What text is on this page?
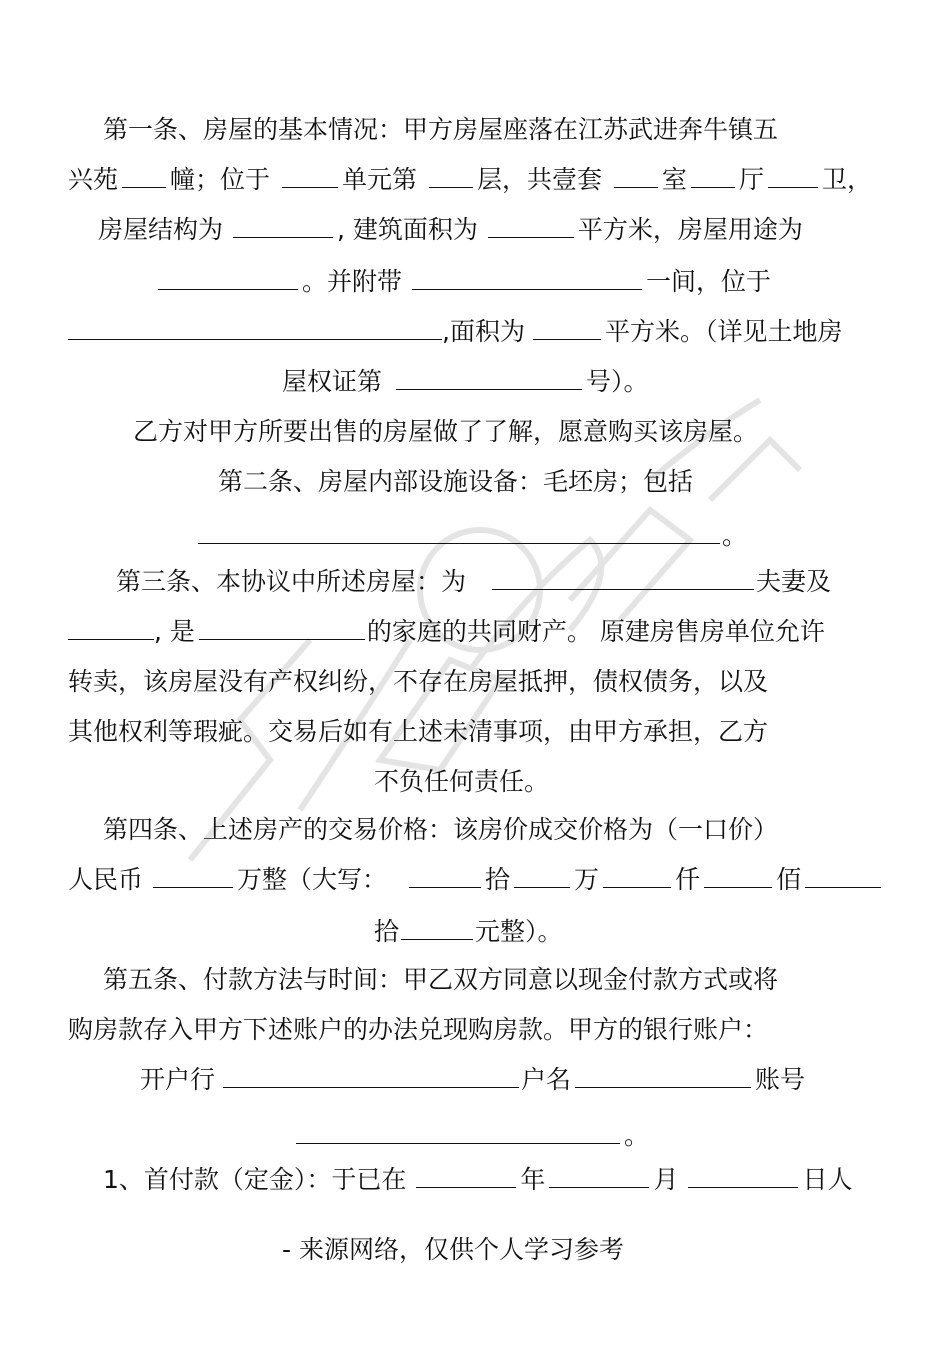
第一条、房屋的基本情况：甲方房屋座落在江苏武进奔牛镇五
兴苑 幢；位于	单元第 层，共壹套 室 厅 卫，
房屋结构为	, 建筑面积为	平方米，房屋用途为
。并附带	一间，位于
,面积为	平方米。（详见土地房
屋权证第	号）。
乙方对甲方所要出售的房屋做了了解，愿意购买该房屋。
第二条、房屋内部设施设备：毛坯房；包括
。
第三条、本协议中所述房屋：为	夫妻及
, 是	的家庭的共同财产。 原建房售房单位允许
转卖，该房屋没有产权纠纷，不存在房屋抵押，债权债务，以及
其他权利等瑕疵。交易后如有上述未清事项，由甲方承担，乙方
不负任何责任。
第四条、上述房产的交易价格：该房价成交价格为（一口价）
人民币	万整（大写：	拾	万	仟	佰
拾	元整）。
第五条、付款方法与时间：甲乙双方同意以现金付款方式或将
购房款存入甲方下述账户的办法兑现购房款。甲方的银行账户：
开户行	户名	账号
。
1、首付款（定金）：于已在	年	月	日人
- 来源网络，仅供个人学习参考
